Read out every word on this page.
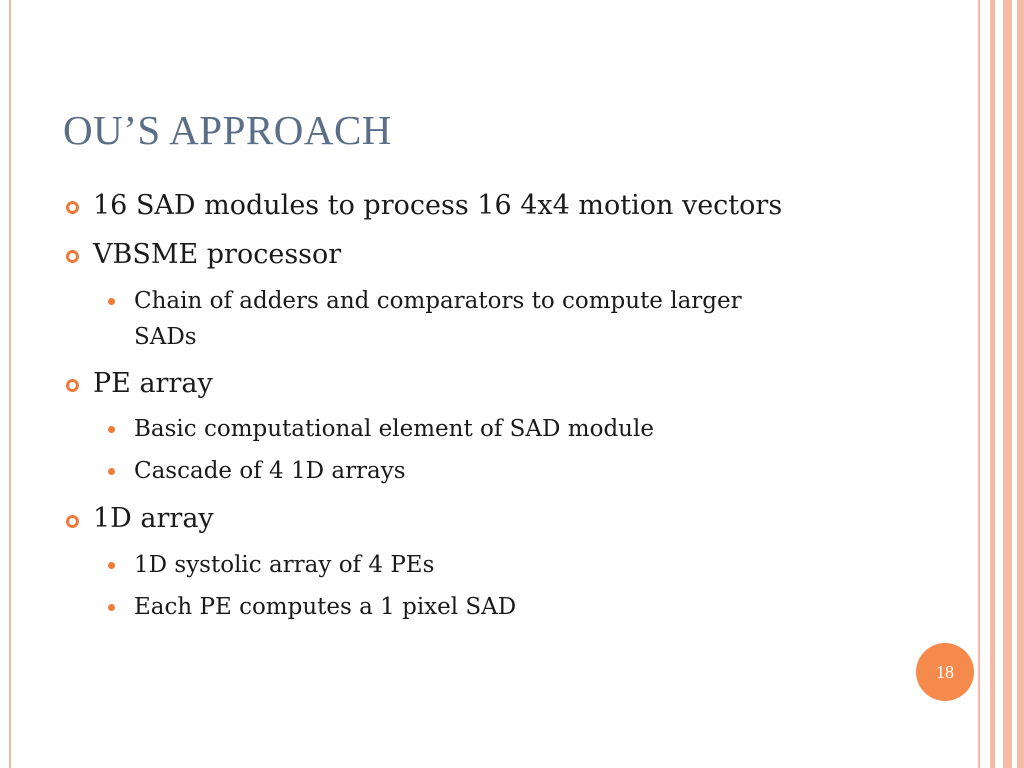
OU’S APPROACH
16 SAD modules to process 16 4x4 motion vectors
VBSME processor
Chain of adders and comparators to compute larger
SADs
PE array
Basic computational element of SAD module
Cascade of 4 1D arrays
1D array
1D systolic array of 4 PEs
Each PE computes a 1 pixel SAD
18
